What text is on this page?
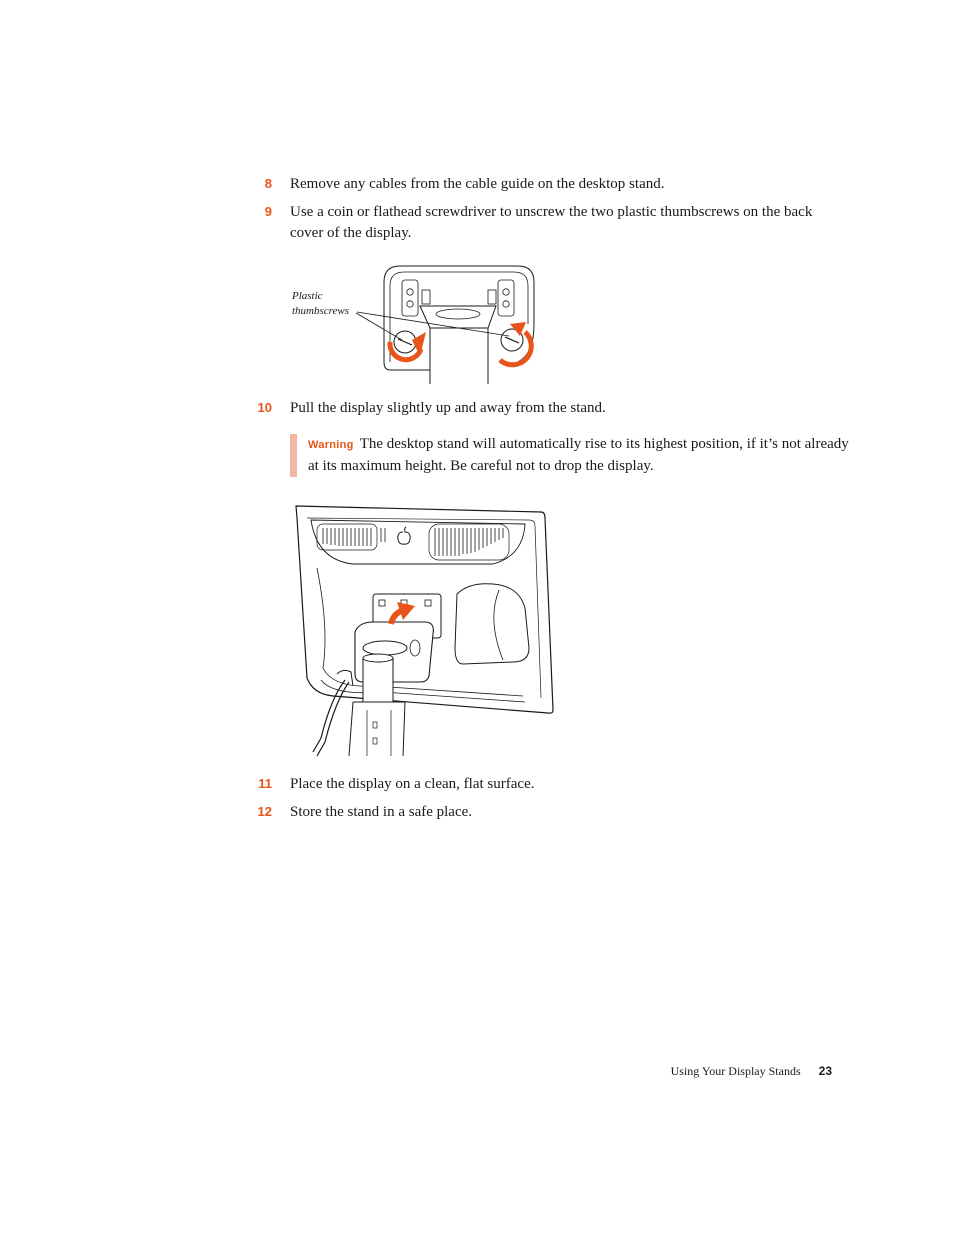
8 Remove any cables from the cable guide on the desktop stand.
9 Use a coin or flathead screwdriver to unscrew the two plastic thumbscrews on the back cover of the display.
Plastic
thumbscrews
10 Pull the display slightly up and away from the stand.
Warning The desktop stand will automatically rise to its highest position, if it’s not already at its maximum height. Be careful not to drop the display.
11 Place the display on a clean, flat surface.
12 Store the stand in a safe place.
Using Your Display Stands 23
